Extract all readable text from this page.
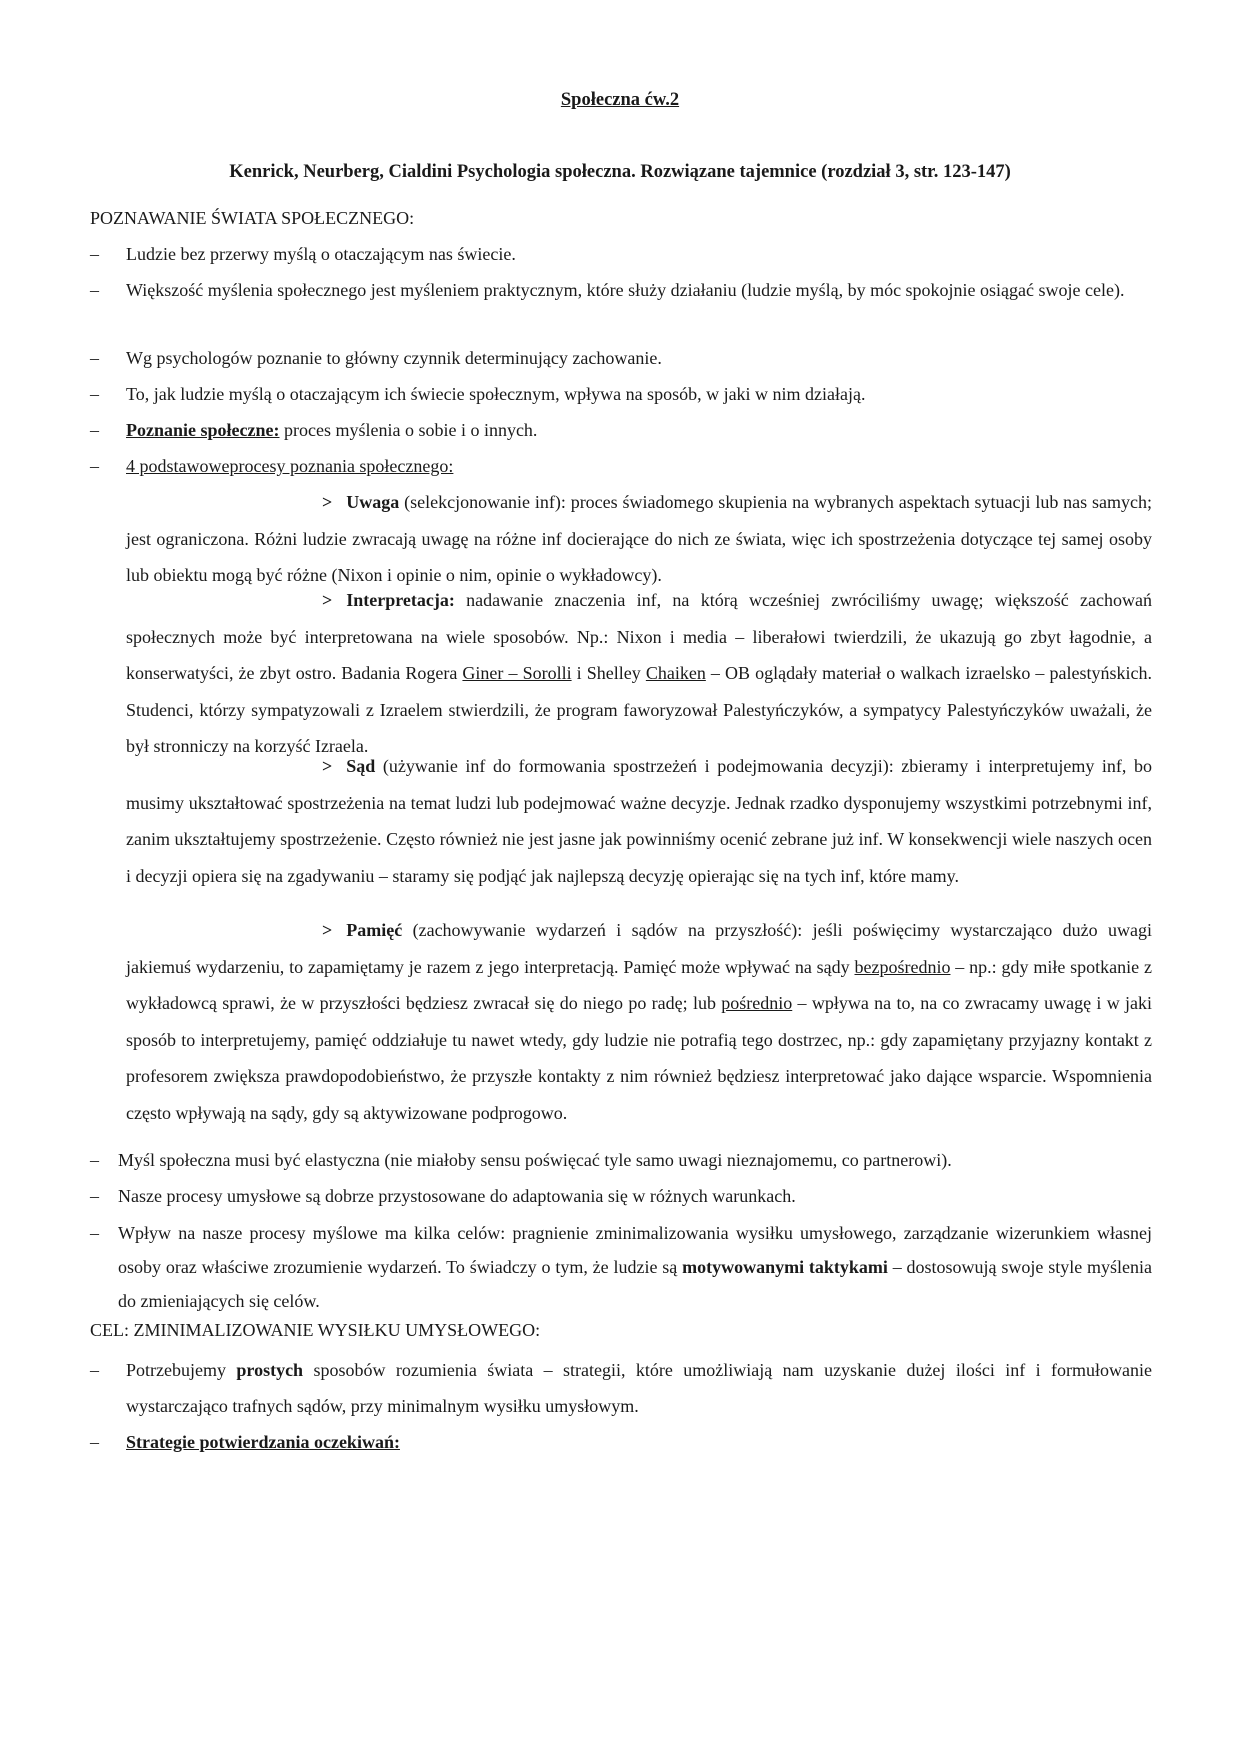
Społeczna ćw.2
Kenrick, Neurberg, Cialdini Psychologia społeczna. Rozwiązane tajemnice (rozdział 3, str. 123-147)
POZNAWANIE ŚWIATA SPOŁECZNEGO:
–	Ludzie bez przerwy myślą o otaczającym nas świecie.
–	Większość myślenia społecznego jest myśleniem praktycznym, które służy działaniu (ludzie myślą, by móc spokojnie osiągać swoje cele).
–	Wg psychologów poznanie to główny czynnik determinujący zachowanie.
–	To, jak ludzie myślą o otaczającym ich świecie społecznym, wpływa na sposób, w jaki w nim działają.
–	Poznanie społeczne: proces myślenia o sobie i o innych.
–	4 podstawoweprocesy poznania społecznego:
> Uwaga (selekcjonowanie inf): proces świadomego skupienia na wybranych aspektach sytuacji lub nas samych; jest ograniczona. Różni ludzie zwracają uwagę na różne inf docierające do nich ze świata, więc ich spostrzeżenia dotyczące tej samej osoby lub obiektu mogą być różne (Nixon i opinie o nim, opinie o wykładowcy).
> Interpretacja: nadawanie znaczenia inf, na którą wcześniej zwróciliśmy uwagę; większość zachowań społecznych może być interpretowana na wiele sposobów. Np.: Nixon i media – liberałowi twierdzili, że ukazują go zbyt łagodnie, a konserwatyści, że zbyt ostro. Badania Rogera Giner – Sorolli i Shelley Chaiken – OB oglądały materiał o walkach izraelsko – palestyńskich. Studenci, którzy sympatyzowali z Izraelem stwierdzili, że program faworyzował Palestyńczyków, a sympatycy Palestyńczyków uważali, że był stronniczy na korzyść Izraela.
> Sąd (używanie inf do formowania spostrzeżeń i podejmowania decyzji): zbieramy i interpretujemy inf, bo musimy ukształtować spostrzeżenia na temat ludzi lub podejmować ważne decyzje. Jednak rzadko dysponujemy wszystkimi potrzebnymi inf, zanim ukształtujemy spostrzeżenie. Często również nie jest jasne jak powinniśmy ocenić zebrane już inf. W konsekwencji wiele naszych ocen i decyzji opiera się na zgadywaniu – staramy się podjąć jak najlepszą decyzję opierając się na tych inf, które mamy.
> Pamięć (zachowywanie wydarzeń i sądów na przyszłość): jeśli poświęcimy wystarczająco dużo uwagi jakiemuś wydarzeniu, to zapamiętamy je razem z jego interpretacją. Pamięć może wpływać na sądy bezpośrednio – np.: gdy miłe spotkanie z wykładowcą sprawi, że w przyszłości będziesz zwracał się do niego po radę; lub pośrednio – wpływa na to, na co zwracamy uwagę i w jaki sposób to interpretujemy, pamięć oddziałuje tu nawet wtedy, gdy ludzie nie potrafią tego dostrzec, np.: gdy zapamiętany przyjazny kontakt z profesorem zwiększa prawdopodobieństwo, że przyszłe kontakty z nim również będziesz interpretować jako dające wsparcie. Wspomnienia często wpływają na sądy, gdy są aktywizowane podprogowo.
–	Myśl społeczna musi być elastyczna (nie miałoby sensu poświęcać tyle samo uwagi nieznajomemu, co partnerowi).
–	Nasze procesy umysłowe są dobrze przystosowane do adaptowania się w różnych warunkach.
–	Wpływ na nasze procesy myślowe ma kilka celów: pragnienie zminimalizowania wysiłku umysłowego, zarządzanie wizerunkiem własnej osoby oraz właściwe zrozumienie wydarzeń. To świadczy o tym, że ludzie są motywowanymi taktykami – dostosowują swoje style myślenia do zmieniających się celów.
CEL: ZMINIMALIZOWANIE WYSIŁKU UMYSŁOWEGO:
–	Potrzebujemy prostych sposobów rozumienia świata – strategii, które umożliwiają nam uzyskanie dużej ilości inf i formułowanie wystarczająco trafnych sądów, przy minimalnym wysiłku umysłowym.
–	Strategie potwierdzania oczekiwań:
